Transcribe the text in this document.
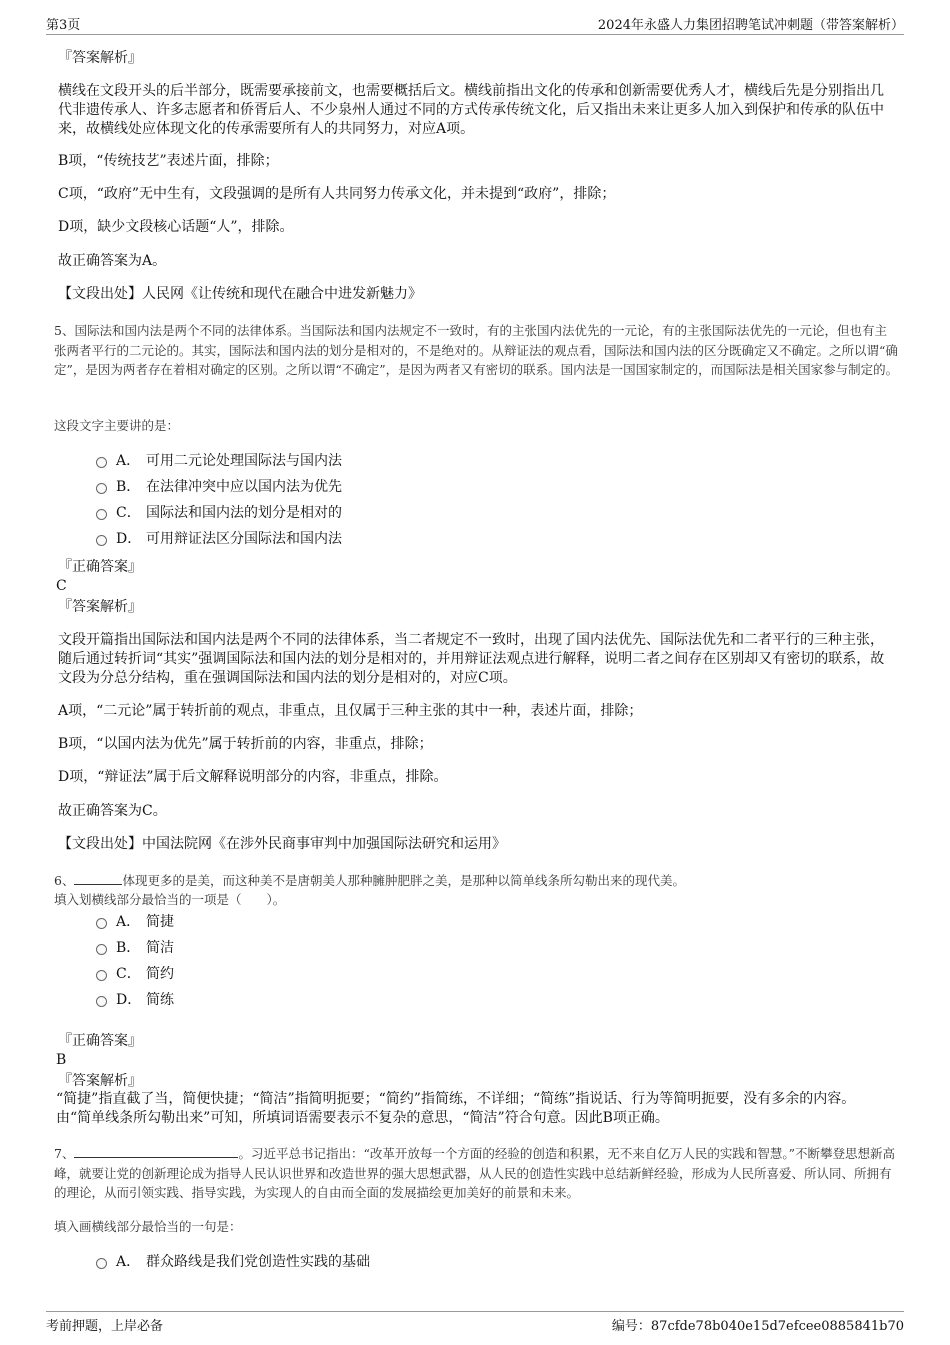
第3页	2024年永盛人力集团招聘笔试冲刺题（带答案解析）

『答案解析』

横线在文段开头的后半部分，既需要承接前文，也需要概括后文。横线前指出文化的传承和创新需要优秀人才，横线后先是分别指出几代非遗传承人、许多志愿者和侨胥后人、不少泉州人通过不同的方式传承传统文化，后又指出未来让更多人加入到保护和传承的队伍中来，故横线处应体现文化的传承需要所有人的共同努力，对应A项。

B项，“传统技艺”表述片面，排除；

C项，“政府”无中生有，文段强调的是所有人共同努力传承文化，并未提到“政府”，排除；

D项，缺少文段核心话题“人”，排除。

故正确答案为A。

【文段出处】人民网《让传统和现代在融合中进发新魅力》

5、国际法和国内法是两个不同的法律体系。当国际法和国内法规定不一致时，有的主张国内法优先的一元论，有的主张国际法优先的一元论，但也有主张两者平行的二元论的。其实，国际法和国内法的划分是相对的，不是绝对的。从辩证法的观点看，国际法和国内法的区分既确定又不确定。之所以谓“确定”，是因为两者存在着相对确定的区别。之所以谓“不确定”，是因为两者又有密切的联系。国内法是一国国家制定的，而国际法是相关国家参与制定的。

这段文字主要讲的是：

A． 可用二元论处理国际法与国内法
B． 在法律冲突中应以国内法为优先
C． 国际法和国内法的划分是相对的
D． 可用辩证法区分国际法和国内法

『正确答案』

C

『答案解析』

文段开篇指出国际法和国内法是两个不同的法律体系，当二者规定不一致时，出现了国内法优先、国际法优先和二者平行的三种主张，随后通过转折词“其实”强调国际法和国内法的划分是相对的，并用辩证法观点进行解释，说明二者之间存在区别却又有密切的联系，故文段为分总分结构，重在强调国际法和国内法的划分是相对的，对应C项。

A项，“二元论”属于转折前的观点，非重点，且仅属于三种主张的其中一种，表述片面，排除；

B项，“以国内法为优先”属于转折前的内容，非重点，排除；

D项，“辩证法”属于后文解释说明部分的内容，非重点，排除。

故正确答案为C。

【文段出处】中国法院网《在涉外民商事审判中加强国际法研究和运用》

6、	体现更多的是美，而这种美不是唐朝美人那种臃肿肥胖之美，是那种以简单线条所勾勒出来的现代美。

填入划横线部分最恰当的一项是（　　）。

A． 简捷
B． 简洁
C． 简约
D． 简练

『正确答案』

B

『答案解析』

“简捷”指直截了当，简便快捷；“简洁”指简明扼要；“简约”指简练，不详细；“简练”指说话、行为等简明扼要，没有多余的内容。由“简单线条所勾勒出来”可知，所填词语需要表示不复杂的意思，“简洁”符合句意。因此B项正确。

7、	。习近平总书记指出：“改革开放每一个方面的经验的创造和积累，无不来自亿万人民的实践和智慧。”不断攀登思想新高峰，就要让党的创新理论成为指导人民认识世界和改造世界的强大思想武器，从人民的创造性实践中总结新鲜经验，形成为人民所喜爱、所认同、所拥有的理论，从而引领实践、指导实践，为实现人的自由而全面的发展描绘更加美好的前景和未来。

填入画横线部分最恰当的一句是：

A． 群众路线是我们党创造性实践的基础
考前押题，上岸必备	编号：87cfde78b040e15d7efcee0885841b70
